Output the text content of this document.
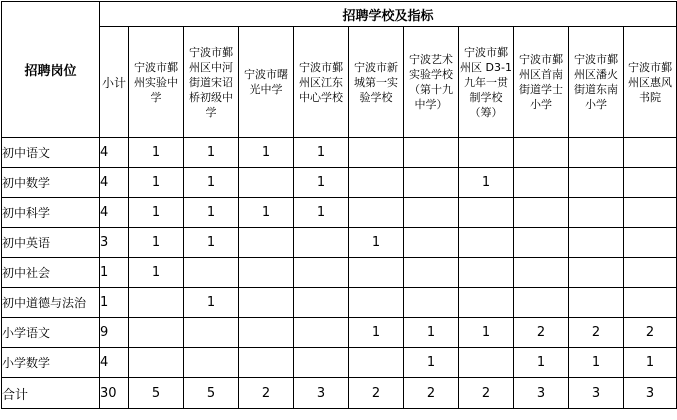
招聘岗位	招聘学校及指标										
	小计	宁波市鄞州实验中学	宁波市鄞州区中河街道宋诏桥初级中学	宁波市曙光中学	宁波市鄞州区江东中心学校	宁波市新城第一实验学校	宁波艺术实验学校（第十九中学）	宁波市鄞州区 D3-1 九年一贯制学校（筹）	宁波市鄞州区首南街道学士小学	宁波市鄞州区潘火街道东南小学	宁波市鄞州区惠风书院
初中语文	4	1	1	1	1						
初中数学	4	1	1		1			1			
初中科学	4	1	1	1	1						
初中英语	3	1	1			1					
初中社会	1	1									
初中道德与法治	1		1								
小学语文	9					1	1	1	2	2	2
小学数学	4						1		1	1	1
合计	30	5	5	2	3	2	2	2	3	3	3
